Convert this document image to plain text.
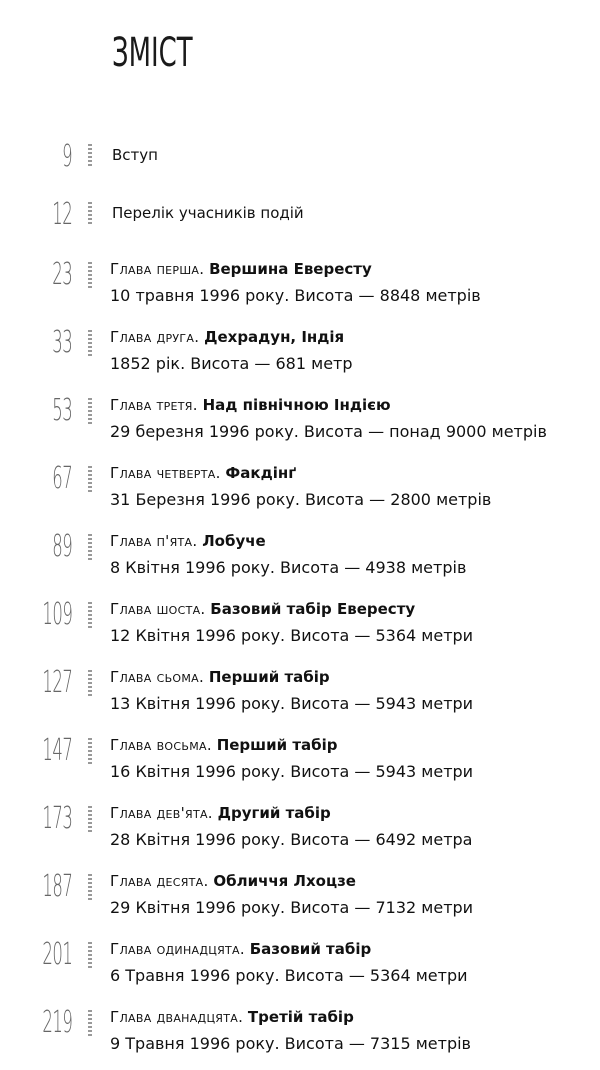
ЗМІСТ
9	Вступ
12	Перелік учасників подій
23	Глава перша. Вершина Евересту
10 травня 1996 року. Висота — 8848 метрів
33	Глава друга. Дехрадун, Індія
1852 рік. Висота — 681 метр
53	Глава третя. Над північною Індією
29 березня 1996 року. Висота — понад 9000 метрів
67	Глава четверта. Факдінґ
31 Березня 1996 року. Висота — 2800 метрів
89	Глава п'ята. Лобуче
8 Квітня 1996 року. Висота — 4938 метрів
109	Глава шоста. Базовий табір Евересту
12 Квітня 1996 року. Висота — 5364 метри
127	Глава сьома. Перший табір
13 Квітня 1996 року. Висота — 5943 метри
147	Глава восьма. Перший табір
16 Квітня 1996 року. Висота — 5943 метри
173	Глава дев'ята. Другий табір
28 Квітня 1996 року. Висота — 6492 метра
187	Глава десята. Обличчя Лхоцзе
29 Квітня 1996 року. Висота — 7132 метри
201	Глава одинадцята. Базовий табір
6 Травня 1996 року. Висота — 5364 метри
219	Глава дванадцята. Третій табір
9 Травня 1996 року. Висота — 7315 метрів
